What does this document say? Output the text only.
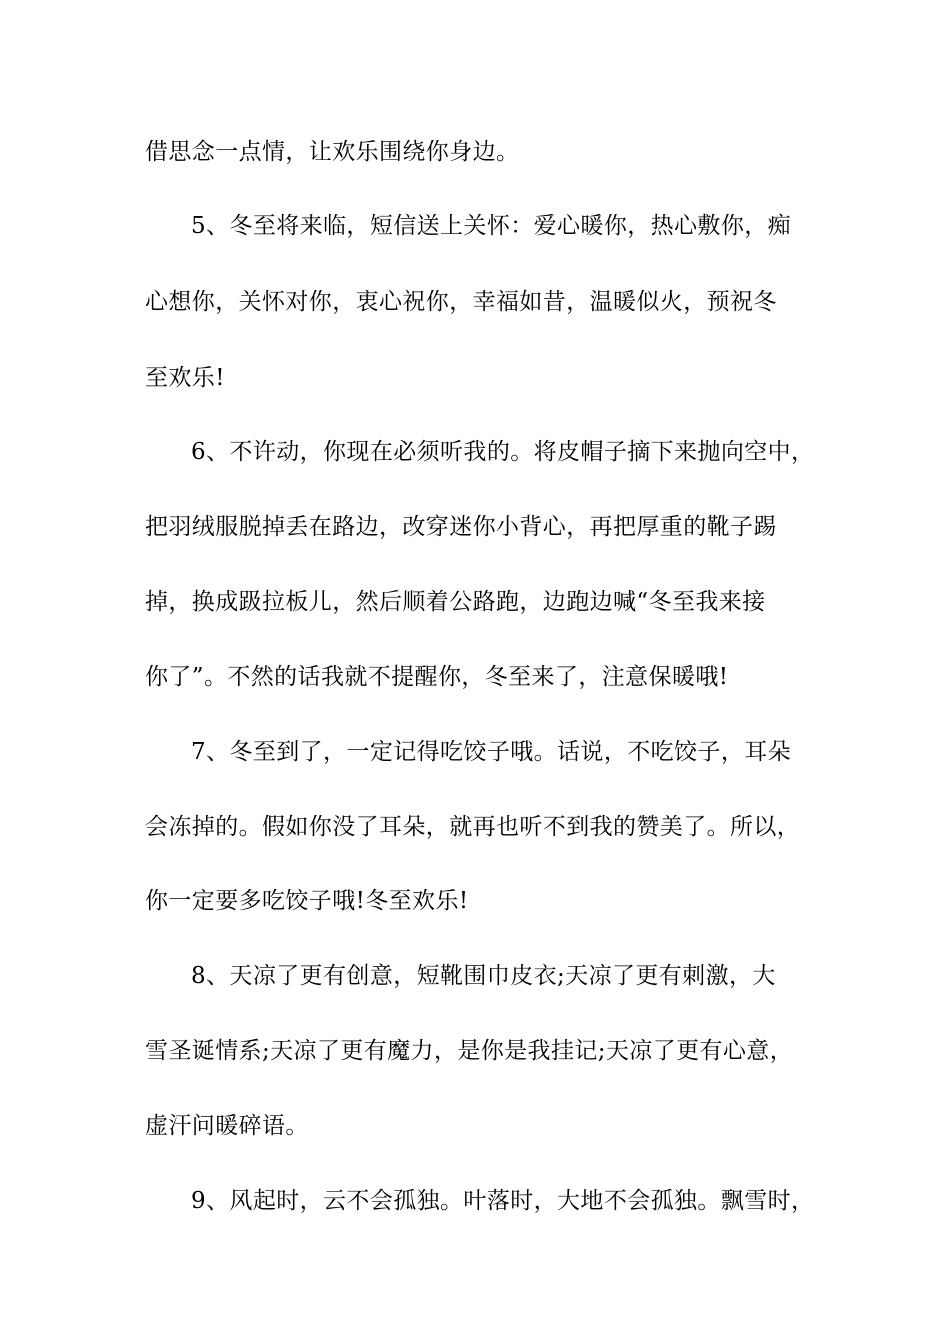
借思念一点情，让欢乐围绕你身边。
5、冬至将来临，短信送上关怀：爱心暖你，热心敷你，痴
心想你，关怀对你，衷心祝你，幸福如昔，温暖似火，预祝冬
至欢乐!
6、不许动，你现在必须听我的。将皮帽子摘下来抛向空中，
把羽绒服脱掉丢在路边，改穿迷你小背心，再把厚重的靴子踢
掉，换成趿拉板儿，然后顺着公路跑，边跑边喊“冬至我来接
你了”。不然的话我就不提醒你，冬至来了，注意保暖哦!
7、冬至到了，一定记得吃饺子哦。话说，不吃饺子，耳朵
会冻掉的。假如你没了耳朵，就再也听不到我的赞美了。所以，
你一定要多吃饺子哦!冬至欢乐!
8、天凉了更有创意，短靴围巾皮衣;天凉了更有刺激，大
雪圣诞情系;天凉了更有魔力，是你是我挂记;天凉了更有心意，
虚汗问暖碎语。
9、风起时，云不会孤独。叶落时，大地不会孤独。飘雪时，
